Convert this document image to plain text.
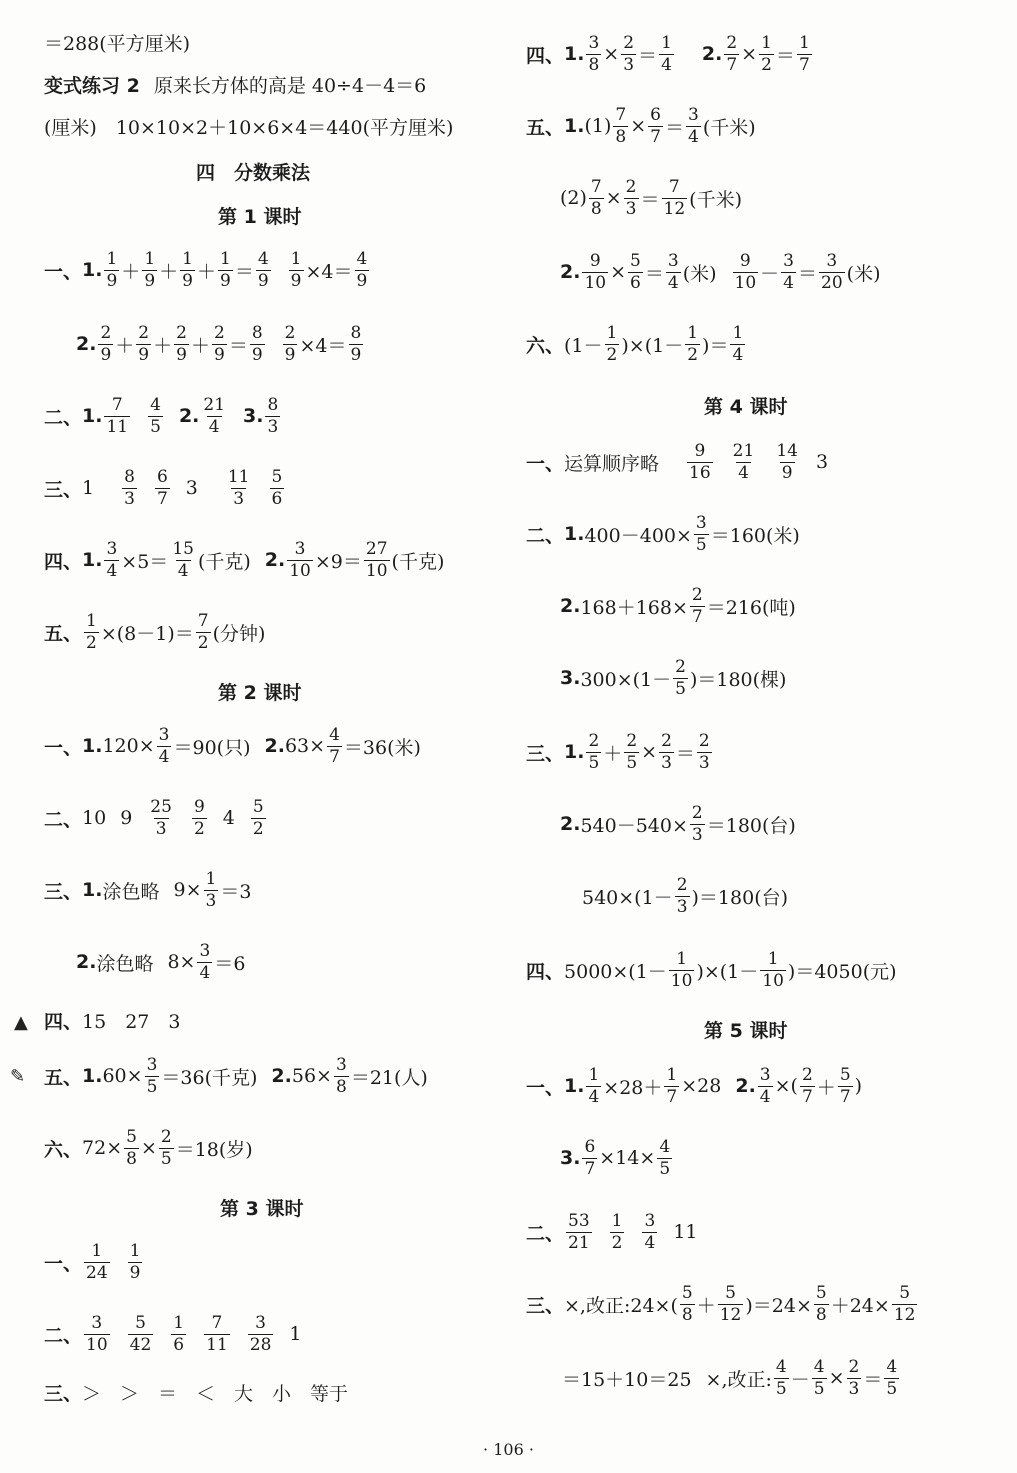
＝288(平方厘米)
变式练习 2 原来长方体的高是 40÷4－4＝6
(厘米)　10×10×2＋10×6×4＝440(平方厘米)
四　分数乘法
第 1 课时
一、 1. $\frac{1}{9} + \frac{1}{9} + \frac{1}{9} + \frac{1}{9} = \frac{4}{9} \frac{1}{9} \times 4= \frac{4}{9}$
2. $\frac{2}{9} + \frac{2}{9} + \frac{2}{9} + \frac{2}{9} = \frac{8}{9} \frac{2}{9} \times 4= \frac{8}{9}$
二、 1. $\frac{7}{11} \frac{4}{5} 2$. $\frac{21}{4} 3$. $\frac{8}{3}$
三、 $1 \frac{8}{3} \frac{6}{7} 3 \frac{11}{3} \frac{5}{6}$
四、 1. $\frac{3}{4} \times 5= \frac{15}{4}$ (千克) 2. $\frac{3}{10} \times 9= \frac{27}{10}$ (千克)
五、 $\frac{1}{2} \times(8-1)= \frac{7}{2}$ (分钟)
第 2 课时
一、 1. $120\times \frac{3}{4} =90$(只) 2. $63\times \frac{4}{7} =36$(米)
二、 10 $9 \frac{25}{3} \frac{9}{2} 4 \frac{5}{2}$
三、 1. 涂色略 $9\times \frac{1}{3} =3$
2. 涂色略 $8\times \frac{3}{4} =6$
▲ 四、 15　27　3
✎ 五、 1. $60\times \frac{3}{5} =36$(千克) 2. $56\times \frac{3}{8} =21$(人)
六、 $72\times \frac{5}{8} \times \frac{2}{5} =18$(岁)
第 3 课时
一、 $\frac{1}{24} \frac{1}{9}$
二、 $\frac{3}{10} \frac{5}{42} \frac{1}{6} \frac{7}{11} \frac{3}{28} 1$
三、 ＞　＞　＝　＜　大　小　等于
四、 1. $\frac{3}{8} \times \frac{2}{3} = \frac{1}{4} 2$. $\frac{2}{7} \times \frac{1}{2} = \frac{1}{7}$
五、 1. $(1) \frac{7}{8} \times \frac{6}{7} = \frac{3}{4}$ (千米)
$(2) \frac{7}{8} \times \frac{2}{3} = \frac{7}{12}$ (千米)
2. $\frac{9}{10} \times \frac{5}{6} = \frac{3}{4}$ (米) $\frac{9}{10} - \frac{3}{4} = \frac{3}{20}$ (米)
六、 $(1- \frac{1}{2} )\times(1- \frac{1}{2}$ )＝ $\frac{1}{4}$
第 4 课时
一、 运算顺序略 $\frac{9}{16} \frac{21}{4} \frac{14}{9} 3$
二、 1. $400-400\times \frac{3}{5} =160$(米)
2. $168+168\times \frac{2}{7} =216$(吨)
3. $300\times(1- \frac{2}{5} )=180$(棵)
三、 1. $\frac{2}{5} + \frac{2}{5} \times \frac{2}{3} = \frac{2}{3}$
2. $540-540\times \frac{2}{3} =180$(台)
$540\times(1- \frac{2}{3} )=180$(台)
四、 $5000\times(1- \frac{1}{10} )\times(1- \frac{1}{10} )=4050$(元)
第 5 课时
一、 1. $\frac{1}{4} \times 28+ \frac{1}{7} \times 28$ 2. $\frac{3}{4}$ ×( $\frac{2}{7} + \frac{5}{7}$ )
3. $\frac{6}{7} \times 14\times \frac{4}{5}$
二、 $\frac{53}{21} \frac{1}{2} \frac{3}{4} 11$
三、 ×,改正:24×( $\frac{5}{8} + \frac{5}{12} )=24\times \frac{5}{8} +24\times \frac{5}{12}$
＝15＋10＝25 ×,改正: $\frac{4}{5} - \frac{4}{5} \times \frac{2}{3} = \frac{4}{5}$
· 106 ·
